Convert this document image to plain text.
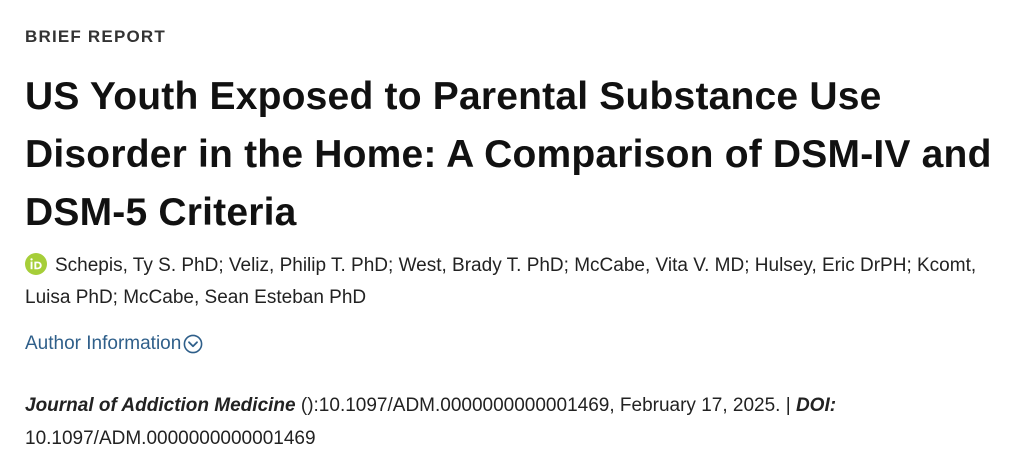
BRIEF REPORT
US Youth Exposed to Parental Substance Use Disorder in the Home: A Comparison of DSM-IV and DSM-5 Criteria
Schepis, Ty S. PhD; Veliz, Philip T. PhD; West, Brady T. PhD; McCabe, Vita V. MD; Hulsey, Eric DrPH; Kcomt, Luisa PhD; McCabe, Sean Esteban PhD
Author Information
Journal of Addiction Medicine ():10.1097/ADM.0000000000001469, February 17, 2025. | DOI:
10.1097/ADM.0000000000001469
